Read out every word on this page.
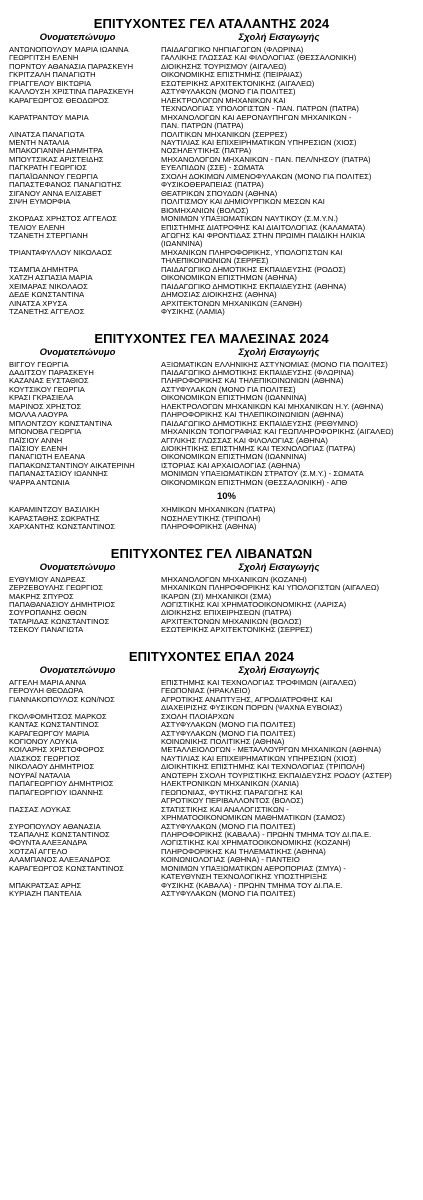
ΕΠΙΤΥΧΟΝΤΕΣ ΓΕΛ ΑΤΑΛΑΝΤΗΣ 2024
Ονοματεπώνυμο	Σχολή Εισαγωγής
ΑΝΤΩΝΟΠΟΥΛΟΥ ΜΑΡΙΑ ΙΩΑΝΝΑ	ΠΑΙΔΑΓΩΓΙΚΟ ΝΗΠΙΑΓΩΓΩΝ (ΦΛΩΡΙΝΑ)
ΓΕΩΡΓΙΤΣΗ ΕΛΕΝΗ	ΓΑΛΛΙΚΗΣ ΓΛΩΣΣΑΣ ΚΑΙ ΦΙΛΟΛΟΓΙΑΣ (ΘΕΣΣΑΛΟΝΙΚΗ)
ΠΟΡΝΤΟΥ ΑΘΑΝΑΣΙΑ ΠΑΡΑΣΚΕΥΗ	ΔΙΟΙΚΗΣΗΣ ΤΟΥΡΙΣΜΟΥ (ΑΙΓΑΛΕΩ)
ΓΚΡΙΤΖΑΛΗ ΠΑΝΑΓΙΩΤΗ	ΟΙΚΟΝΟΜΙΚΗΣ ΕΠΙΣΤΗΜΗΣ (ΠΕΙΡΑΙΑΣ)
ΓΡΙΑΓΓΕΛΟΥ ΒΙΚΤΩΡΙΑ	ΕΣΩΤΕΡΙΚΗΣ ΑΡΧΙΤΕΚΤΟΝΙΚΗΣ (ΑΙΓΑΛΕΩ)
ΚΑΛΛΟΥΣΗ ΧΡΙΣΤΙΝΑ ΠΑΡΑΣΚΕΥΗ	ΑΣΤΥΦΥΛΑΚΩΝ (ΜΟΝΟ ΓΙΑ ΠΟΛΙΤΕΣ)
ΚΑΡΑΓΕΩΡΓΟΣ ΘΕΟΔΩΡΟΣ	ΗΛΕΚΤΡΟΛΟΓΩΝ ΜΗΧΑΝΙΚΩΝ ΚΑΙ
ΤΕΧΝΟΛΟΓΙΑΣ ΥΠΟΛΟΓΙΣΤΩΝ - ΠΑΝ. ΠΑΤΡΩΝ (ΠΑΤΡΑ)
ΚΑΡΑΤΡΑΝΤΟΥ ΜΑΡΙΑ	ΜΗΧΑΝΟΛΟΓΩΝ ΚΑΙ ΑΕΡΟΝΑΥΠΗΓΩΝ ΜΗΧΑΝΙΚΩΝ -
ΠΑΝ. ΠΑΤΡΩΝ (ΠΑΤΡΑ)
ΛΙΝΑΤΣΑ ΠΑΝΑΓΙΩΤΑ	ΠΟΛΙΤΙΚΩΝ ΜΗΧΑΝΙΚΩΝ (ΣΕΡΡΕΣ)
ΜΕΝΤΗ ΝΑΤΑΛΙΑ	ΝΑΥΤΙΛΙΑΣ ΚΑΙ ΕΠΙΧΕΙΡΗΜΑΤΙΚΩΝ ΥΠΗΡΕΣΙΩΝ (ΧΙΟΣ)
ΜΠΑΚΟΓΙΑΝΝΗ ΔΗΜΗΤΡΑ	ΝΟΣΗΛΕΥΤΙΚΗΣ (ΠΑΤΡΑ)
ΜΠΟΥΤΣΙΚΑΣ ΑΡΙΣΤΕΙΔΗΣ	ΜΗΧΑΝΟΛΟΓΩΝ ΜΗΧΑΝΙΚΩΝ - ΠΑΝ. ΠΕΛ/ΝΗΣΟΥ (ΠΑΤΡΑ)
ΠΑΓΚΡΑΤΗ ΓΕΩΡΓΙΟΣ	ΕΥΕΛΠΙΔΩΝ (ΣΣΕ) - ΣΩΜΑΤΑ
ΠΑΠΑΪΩΑΝΝΟΥ ΓΕΩΡΓΙΑ	ΣΧΟΛΗ ΔΟΚΙΜΩΝ ΛΙΜΕΝΟΦΥΛΑΚΩΝ (ΜΟΝΟ ΓΙΑ ΠΟΛΙΤΕΣ)
ΠΑΠΑΣΤΕΦΑΝΟΣ ΠΑΝΑΓΙΩΤΗΣ	ΦΥΣΙΚΟΘΕΡΑΠΕΙΑΣ (ΠΑΤΡΑ)
ΣΙΓΑΝΟΥ ΑΝΝΑ ΕΛΙΣΑΒΕΤ	ΘΕΑΤΡΙΚΩΝ ΣΠΟΥΔΩΝ (ΑΘΗΝΑ)
ΣΙΨΗ ΕΥΜΟΡΦΙΑ	ΠΟΛΙΤΙΣΜΟΥ ΚΑΙ ΔΗΜΙΟΥΡΓΙΚΩΝ ΜΕΣΩΝ ΚΑΙ
ΒΙΟΜΗΧΑΝΙΩΝ (ΒΟΛΟΣ)
ΣΚΟΡΔΑΣ ΧΡΗΣΤΟΣ ΑΓΓΕΛΟΣ	ΜΟΝΙΜΩΝ ΥΠΑΞΙΩΜΑΤΙΚΩΝ ΝΑΥΤΙΚΟΥ (Σ.Μ.Υ.Ν.)
ΤΕΛΙΟΥ ΕΛΕΝΗ	ΕΠΙΣΤΗΜΗΣ ΔΙΑΤΡΟΦΗΣ ΚΑΙ ΔΙΑΙΤΟΛΟΓΙΑΣ (ΚΑΛΑΜΑΤΑ)
ΤΖΑΝΕΤΗ ΣΤΕΡΓΙΑΝΗ	ΑΓΩΓΗΣ ΚΑΙ ΦΡΟΝΤΙΔΑΣ ΣΤΗΝ ΠΡΩΙΜΗ ΠΑΙΔΙΚΗ ΗΛΙΚΙΑ
(ΙΩΑΝΝΙΝΑ)
ΤΡΙΑΝΤΑΦΥΛΛΟΥ ΝΙΚΟΛΑΟΣ	ΜΗΧΑΝΙΚΩΝ ΠΛΗΡΟΦΟΡΙΚΗΣ, ΥΠΟΛΟΓΙΣΤΩΝ ΚΑΙ
ΤΗΛΕΠΙΚΟΙΝΩΝΙΩΝ (ΣΕΡΡΕΣ)
ΤΣΑΜΠΑ ΔΗΜΗΤΡΑ	ΠΑΙΔΑΓΩΓΙΚΟ ΔΗΜΟΤΙΚΗΣ ΕΚΠΑΙΔΕΥΣΗΣ (ΡΟΔΟΣ)
ΧΑΤΖΗ ΑΣΠΑΣΙΑ ΜΑΡΙΑ	ΟΙΚΟΝΟΜΙΚΩΝ ΕΠΙΣΤΗΜΩΝ (ΑΘΗΝΑ)
ΧΕΙΜΑΡΑΣ ΝΙΚΟΛΑΟΣ	ΠΑΙΔΑΓΩΓΙΚΟ ΔΗΜΟΤΙΚΗΣ ΕΚΠΑΙΔΕΥΣΗΣ (ΑΘΗΝΑ)
ΔΕΔΕ ΚΩΝΣΤΑΝΤΙΝΑ	ΔΗΜΟΣΙΑΣ ΔΙΟΙΚΗΣΗΣ (ΑΘΗΝΑ)
ΛΙΝΑΤΣΑ ΧΡΥΣΑ	ΑΡΧΙΤΕΚΤΟΝΩΝ ΜΗΧΑΝΙΚΩΝ (ΞΑΝΘΗ)
ΤΖΑΝΕΤΗΣ ΑΓΓΕΛΟΣ	ΦΥΣΙΚΗΣ (ΛΑΜΙΑ)
ΕΠΙΤΥΧΟΝΤΕΣ ΓΕΛ ΜΑΛΕΣΙΝΑΣ 2024
Ονοματεπώνυμο	Σχολή Εισαγωγής
ΒΙΓΓΟΥ ΓΕΩΡΓΙΑ	ΑΞΙΩΜΑΤΙΚΩΝ ΕΛΛΗΝΙΚΗΣ ΑΣΤΥΝΟΜΙΑΣ (ΜΟΝΟ ΓΙΑ ΠΟΛΙΤΕΣ)
ΔΑΔΙΤΣΟΥ ΠΑΡΑΣΚΕΥΗ	ΠΑΙΔΑΓΩΓΙΚΟ ΔΗΜΟΤΙΚΗΣ ΕΚΠΑΙΔΕΥΣΗΣ (ΦΛΩΡΙΝΑ)
ΚΑΖΑΝΑΣ ΕΥΣΤΑΘΙΟΣ	ΠΛΗΡΟΦΟΡΙΚΗΣ ΚΑΙ ΤΗΛΕΠΙΚΟΙΝΩΝΙΩΝ (ΑΘΗΝΑ)
ΚΟΥΤΣΙΚΟΥ ΓΕΩΡΓΙΑ	ΑΣΤΥΦΥΛΑΚΩΝ (ΜΟΝΟ ΓΙΑ ΠΟΛΙΤΕΣ)
ΚΡΑΣΙ ΓΚΡΑΣΙΕΛΑ	ΟΙΚΟΝΟΜΙΚΩΝ ΕΠΙΣΤΗΜΩΝ (ΙΩΑΝΝΙΝΑ)
ΜΑΡΙΝΟΣ ΧΡΗΣΤΟΣ	ΗΛΕΚΤΡΟΛΟΓΩΝ ΜΗΧΑΝΙΚΩΝ ΚΑΙ ΜΗΧΑΝΙΚΩΝ Η.Υ. (ΑΘΗΝΑ)
ΜΟΛΛΑ ΛΑΟΥΡΑ	ΠΛΗΡΟΦΟΡΙΚΗΣ ΚΑΙ ΤΗΛΕΠΙΚΟΙΝΩΝΙΩΝ (ΑΘΗΝΑ)
ΜΠΛΟΝΤΖΟΥ ΚΩΝΣΤΑΝΤΙΝΑ	ΠΑΙΔΑΓΩΓΙΚΟ ΔΗΜΟΤΙΚΗΣ ΕΚΠΑΙΔΕΥΣΗΣ (ΡΕΘΥΜΝΟ)
ΜΠΟΝΟΒΑ ΓΕΩΡΓΙΑ	ΜΗΧΑΝΙΚΩΝ ΤΟΠΟΓΡΑΦΙΑΣ ΚΑΙ ΓΕΩΠΛΗΡΟΦΟΡΙΚΗΣ (ΑΙΓΑΛΕΩ)
ΠΑΪΣΙΟΥ ΑΝΝΗ	ΑΓΓΛΙΚΗΣ ΓΛΩΣΣΑΣ ΚΑΙ ΦΙΛΟΛΟΓΙΑΣ (ΑΘΗΝΑ)
ΠΑΪΣΙΟΥ ΕΛΕΝΗ	ΔΙΟΙΚΗΤΙΚΗΣ ΕΠΙΣΤΗΜΗΣ ΚΑΙ ΤΕΧΝΟΛΟΓΙΑΣ (ΠΑΤΡΑ)
ΠΑΝΑΓΙΩΤΗ ΕΛΕΑΝΑ	ΟΙΚΟΝΟΜΙΚΩΝ ΕΠΙΣΤΗΜΩΝ (ΙΩΑΝΝΙΝΑ)
ΠΑΠΑΚΩΝΣΤΑΝΤΙΝΟΥ ΑΙΚΑΤΕΡΙΝΗ	ΙΣΤΟΡΙΑΣ ΚΑΙ ΑΡΧΑΙΟΛΟΓΙΑΣ (ΑΘΗΝΑ)
ΠΑΠΑΝΑΣΤΑΣΙΟΥ ΙΩΑΝΝΗΣ	ΜΟΝΙΜΩΝ ΥΠΑΞΙΩΜΑΤΙΚΩΝ ΣΤΡΑΤΟΥ (Σ.Μ.Υ.) - ΣΩΜΑΤΑ
ΨΑΡΡΑ ΑΝΤΩΝΙΑ	ΟΙΚΟΝΟΜΙΚΩΝ ΕΠΙΣΤΗΜΩΝ (ΘΕΣΣΑΛΟΝΙΚΗ) - ΑΠΘ
10%
ΚΑΡΑΜΙΝΤΖΟΥ ΒΑΣΙΛΙΚΗ	ΧΗΜΙΚΩΝ ΜΗΧΑΝΙΚΩΝ (ΠΑΤΡΑ)
ΚΑΡΑΣΤΑΘΗΣ ΣΩΚΡΑΤΗΣ	ΝΟΣΗΛΕΥΤΙΚΗΣ (ΤΡΙΠΟΛΗ)
ΧΑΡΧΑΝΤΗΣ ΚΩΝΣΤΑΝΤΙΝΟΣ	ΠΛΗΡΟΦΟΡΙΚΗΣ (ΑΘΗΝΑ)
ΕΠΙΤΥΧΟΝΤΕΣ ΓΕΛ ΛΙΒΑΝΑΤΩΝ
Ονοματεπώνυμο	Σχολή Εισαγωγής
ΕΥΘΥΜΙΟΥ ΑΝΔΡΕΑΣ	ΜΗΧΑΝΟΛΟΓΩΝ ΜΗΧΑΝΙΚΩΝ (ΚΟΖΑΝΗ)
ΖΕΡΖΕΒΟΥΛΗΣ ΓΕΩΡΓΙΟΣ	ΜΗΧΑΝΙΚΩΝ ΠΛΗΡΟΦΟΡΙΚΗΣ ΚΑΙ ΥΠΟΛΟΓΙΣΤΩΝ (ΑΙΓΑΛΕΩ)
ΜΑΚΡΗΣ ΣΠΥΡΟΣ	ΙΚΑΡΩΝ (ΣΙ) ΜΗΧΑΝΙΚΟΙ (ΣΜΑ)
ΠΑΠΑΘΑΝΑΣΙΟΥ ΔΗΜΗΤΡΙΟΣ	ΛΟΓΙΣΤΙΚΗΣ ΚΑΙ ΧΡΗΜΑΤΟΟΙΚΟΝΟΜΙΚΗΣ (ΛΑΡΙΣΑ)
ΣΟΥΡΟΠΑΝΗΣ ΟΘΩΝ	ΔΙΟΙΚΗΣΗΣ ΕΠΙΧΕΙΡΗΣΕΩΝ (ΠΑΤΡΑ)
ΤΑΤΑΡΙΔΑΣ ΚΩΝΣΤΑΝΤΙΝΟΣ	ΑΡΧΙΤΕΚΤΟΝΩΝ ΜΗΧΑΝΙΚΩΝ (ΒΟΛΟΣ)
ΤΣΕΚΟΥ ΠΑΝΑΓΙΩΤΑ	ΕΣΩΤΕΡΙΚΗΣ ΑΡΧΙΤΕΚΤΟΝΙΚΗΣ (ΣΕΡΡΕΣ)
ΕΠΙΤΥΧΟΝΤΕΣ ΕΠΑΛ 2024
Ονοματεπώνυμο	Σχολή Εισαγωγής
ΑΓΓΕΛΗ ΜΑΡΙΑ ΑΝΝΑ	ΕΠΙΣΤΗΜΗΣ ΚΑΙ ΤΕΧΝΟΛΟΓΙΑΣ ΤΡΟΦΙΜΩΝ (ΑΙΓΑΛΕΩ)
ΓΕΡΟΥΛΗ ΘΕΟΔΩΡΑ	ΓΕΩΠΟΝΙΑΣ (ΗΡΑΚΛΕΙΟ)
ΓΙΑΝΝΑΚΟΠΟΥΛΟΣ ΚΩΝ/ΝΟΣ	ΑΓΡΟΤΙΚΗΣ ΑΝΑΠΤΥΞΗΣ, ΑΓΡΟΔΙΑΤΡΟΦΗΣ ΚΑΙ
ΔΙΑΧΕΙΡΙΣΗΣ ΦΥΣΙΚΩΝ ΠΟΡΩΝ (ΨΑΧΝΑ ΕΥΒΟΙΑΣ)
ΓΚΟΛΦΟΜΗΤΣΟΣ ΜΑΡΚΟΣ	ΣΧΟΛΗ ΠΛΟΙΑΡΧΩΝ
ΚΑΝΤΑΣ ΚΩΝΣΤΑΝΤΙΝΟΣ	ΑΣΤΥΦΥΛΑΚΩΝ (ΜΟΝΟ ΓΙΑ ΠΟΛΙΤΕΣ)
ΚΑΡΑΓΕΩΡΓΟΥ ΜΑΡΙΑ	ΑΣΤΥΦΥΛΑΚΩΝ (ΜΟΝΟ ΓΙΑ ΠΟΛΙΤΕΣ)
ΚΟΓΙΟΝΟΥ ΛΟΥΚΙΑ	ΚΟΙΝΩΝΙΚΗΣ ΠΟΛΙΤΙΚΗΣ (ΑΘΗΝΑ)
ΚΟΙΛΑΡΗΣ ΧΡΙΣΤΟΦΟΡΟΣ	ΜΕΤΑΛΛΕΙΟΛΟΓΩΝ - ΜΕΤΑΛΛΟΥΡΓΩΝ ΜΗΧΑΝΙΚΩΝ (ΑΘΗΝΑ)
ΛΙΑΣΚΟΣ ΓΕΩΡΓΙΟΣ	ΝΑΥΤΙΛΙΑΣ ΚΑΙ ΕΠΙΧΕΙΡΗΜΑΤΙΚΩΝ ΥΠΗΡΕΣΙΩΝ (ΧΙΟΣ)
ΝΙΚΟΛΑΟΥ ΔΗΜΗΤΡΙΟΣ	ΔΙΟΙΚΗΤΙΚΗΣ ΕΠΙΣΤΗΜΗΣ ΚΑΙ ΤΕΧΝΟΛΟΓΙΑΣ (ΤΡΙΠΟΛΗ)
ΝΟΥΡΑΪ ΝΑΤΑΛΙΑ	ΑΝΩΤΕΡΗ ΣΧΟΛΗ ΤΟΥΡΙΣΤΙΚΗΣ ΕΚΠΑΙΔΕΥΣΗΣ ΡΟΔΟΥ (ΑΣΤΕΡ)
ΠΑΠΑΓΕΩΡΓΙΟΥ ΔΗΜΗΤΡΙΟΣ	ΗΛΕΚΤΡΟΝΙΚΩΝ ΜΗΧΑΝΙΚΩΝ (ΧΑΝΙΑ)
ΠΑΠΑΓΕΩΡΓΙΟΥ ΙΩΑΝΝΗΣ	ΓΕΩΠΟΝΙΑΣ, ΦΥΤΙΚΗΣ ΠΑΡΑΓΩΓΗΣ ΚΑΙ
ΑΓΡΟΤΙΚΟΥ ΠΕΡΙΒΑΛΛΟΝΤΟΣ (ΒΟΛΟΣ)
ΠΑΣΣΑΣ ΛΟΥΚΑΣ	ΣΤΑΤΙΣΤΙΚΗΣ ΚΑΙ ΑΝΑΛΟΓΙΣΤΙΚΩΝ -
ΧΡΗΜΑΤΟΟΙΚΟΝΟΜΙΚΩΝ ΜΑΘΗΜΑΤΙΚΩΝ (ΣΑΜΟΣ)
ΣΥΡΟΠΟΥΛΟΥ ΑΘΑΝΑΣΙΑ	ΑΣΤΥΦΥΛΑΚΩΝ (ΜΟΝΟ ΓΙΑ ΠΟΛΙΤΕΣ)
ΤΣΑΠΑΛΗΣ ΚΩΝΣΤΑΝΤΙΝΟΣ	ΠΛΗΡΟΦΟΡΙΚΗΣ (ΚΑΒΑΛΑ) - ΠΡΩΗΝ ΤΜΗΜΑ ΤΟΥ ΔΙ.ΠΑ.Ε.
ΦΟΥΝΤΑ ΑΛΕΞΑΝΔΡΑ	ΛΟΓΙΣΤΙΚΗΣ ΚΑΙ ΧΡΗΜΑΤΟΟΙΚΟΝΟΜΙΚΗΣ (ΚΟΖΑΝΗ)
ΧΟΤΖΑΪ ΑΓΓΕΛΟ	ΠΛΗΡΟΦΟΡΙΚΗΣ ΚΑΙ ΤΗΛΕΜΑΤΙΚΗΣ (ΑΘΗΝΑ)
ΑΛΑΜΠΑΝΟΣ ΑΛΕΞΑΝΔΡΟΣ	ΚΟΙΝΩΝΙΟΛΟΓΙΑΣ (ΑΘΗΝΑ) - ΠΑΝΤΕΙΟ
ΚΑΡΑΓΕΩΡΓΟΣ ΚΩΝΣΤΑΝΤΙΝΟΣ	ΜΟΝΙΜΩΝ ΥΠΑΞΙΩΜΑΤΙΚΩΝ ΑΕΡΟΠΟΡΙΑΣ (ΣΜΥΑ) -
ΚΑΤΕΥΘΥΝΣΗ ΤΕΧΝΟΛΟΓΙΚΗΣ ΥΠΟΣΤΗΡΙΞΗΣ
ΜΠΑΚΡΑΤΣΑΣ ΑΡΗΣ	ΦΥΣΙΚΗΣ (ΚΑΒΑΛΑ) - ΠΡΩΗΝ ΤΜΗΜΑ ΤΟΥ ΔΙ.ΠΑ.Ε.
ΚΥΡΙΑΖΗ ΠΑΝΤΕΛΙΑ	ΑΣΤΥΦΥΛΑΚΩΝ (ΜΟΝΟ ΓΙΑ ΠΟΛΙΤΕΣ)
